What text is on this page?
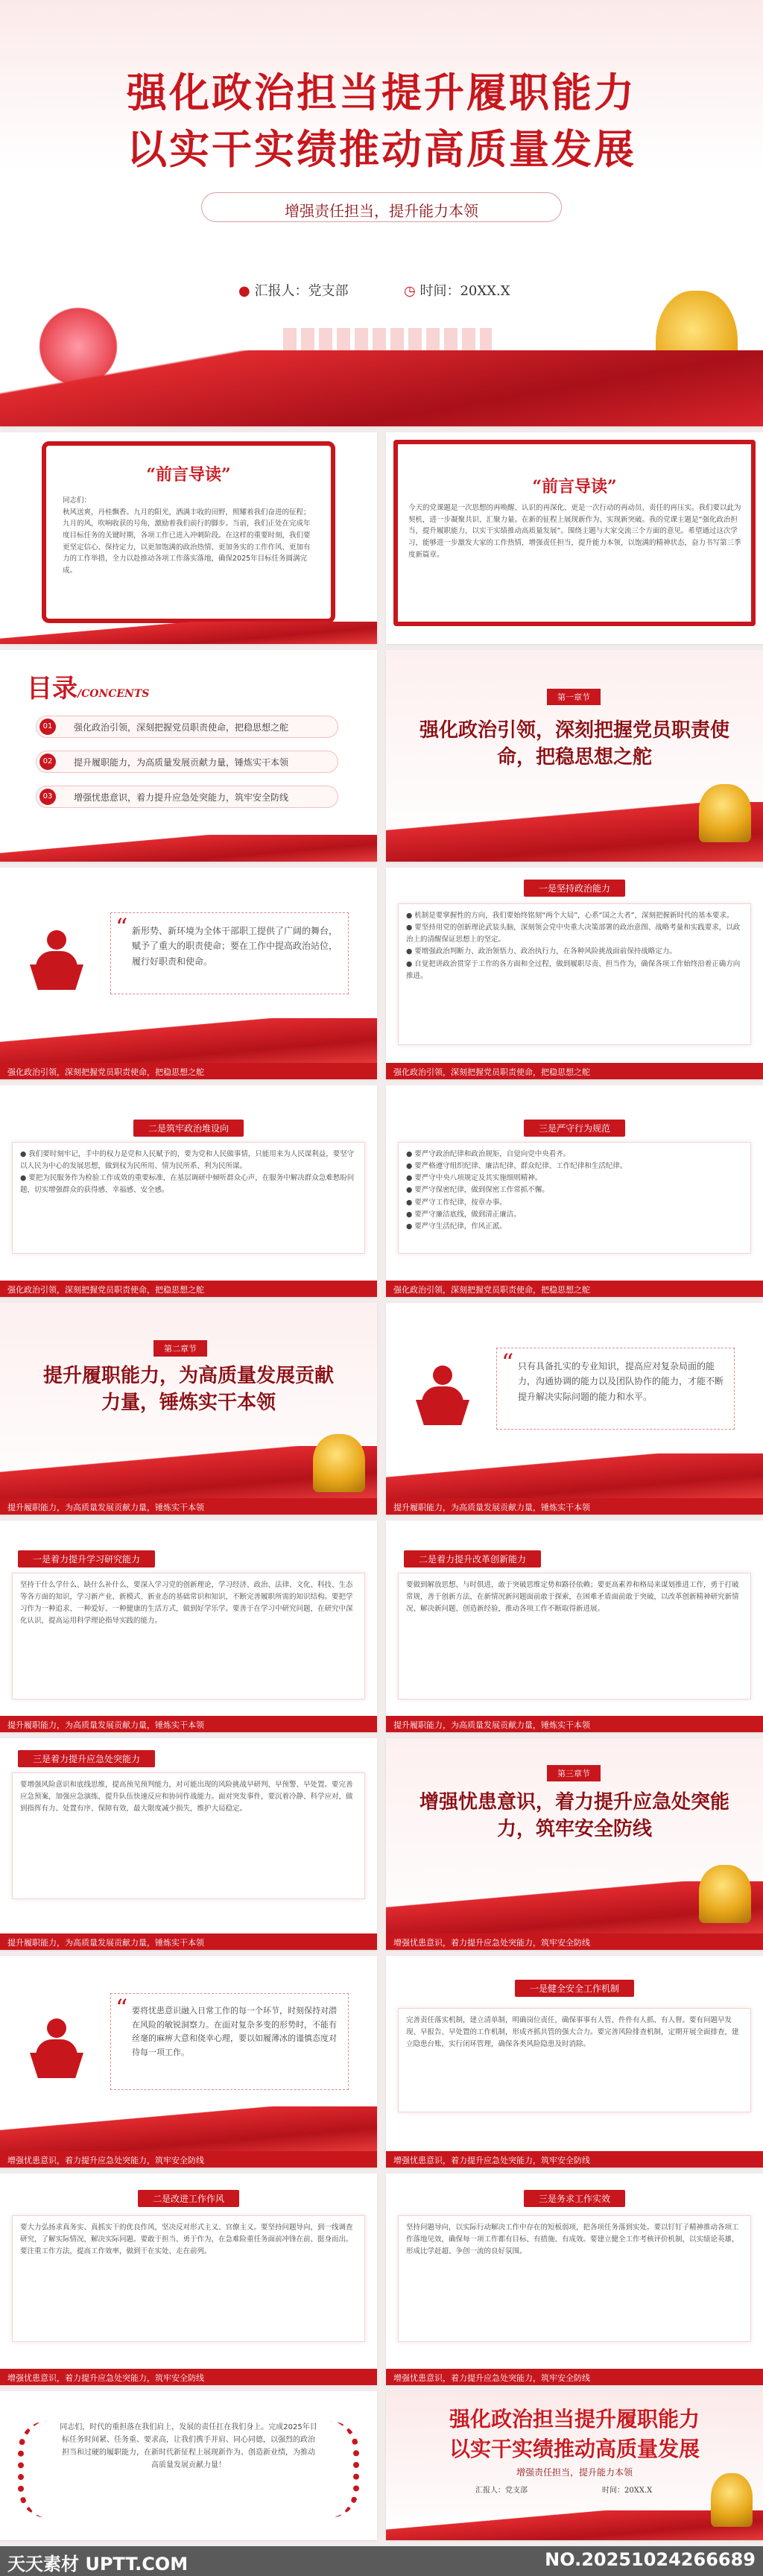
强化政治担当提升履职能力
以实干实绩推动高质量发展
增强责任担当，提升能力本领
● 汇报人：党支部	◷ 时间：20XX.X
“前言导读”
同志们：
秋风送爽，丹桂飘香。九月的阳光，洒满丰收的田野，照耀着我们奋进的征程；九月的风，吹响收获的号角，激励着我们前行的脚步。当前，我们正处在完成年度目标任务的关键时期，各项工作已进入冲刺阶段。在这样的重要时刻，我们要更坚定信心、保持定力，以更加饱满的政治热情、更加务实的工作作风、更加有力的工作举措，全力以赴推动各项工作落实落地，确保2025年目标任务圆满完成。
“前言导读”
今天的党课题是一次思想的再唤醒、认识的再深化、更是一次行动的再动员、责任的再压实。我们要以此为契机，进一步凝聚共识、汇聚力量。在新的征程上展现新作为、实现新突破。我的党课主题是“强化政治担当，提升履职能力，以实干实绩推动高质量发展”。围绕主题与大家交流三个方面的意见。希望通过这次学习，能够进一步激发大家的工作热情，增强责任担当，提升能力本领，以饱满的精神状态，奋力书写第三季度新篇章。
目录/CONCENTS
01	强化政治引领，深刻把握党员职责使命，把稳思想之舵
02	提升履职能力，为高质量发展贡献力量，锤炼实干本领
03	增强忧患意识，着力提升应急处突能力，筑牢安全防线
第一章节
强化政治引领，深刻把握党员职责使命，把稳思想之舵
“ 新形势、新环境为全体干部职工提供了广阔的舞台，赋予了重大的职责使命；要在工作中提高政治站位，履行好职责和使命。
强化政治引领，深刻把握党员职责使命，把稳思想之舵
一是坚持政治能力
● 机制是要掌握性的方向，我们要始终铭刻“两个大局”，心系“国之大者”，深刻把握新时代的基本要求。
● 要坚持用党的创新理论武装头脑，深刻领会党中央重大决策部署的政治意图、战略考量和实践要求，以政治上的清醒保证思想上的坚定。
● 要增强政治判断力、政治领悟力、政治执行力，在各种风险挑战面前保持战略定力。
● 自觉把讲政治贯穿于工作的各方面和全过程，做到履职尽责、担当作为，确保各项工作始终沿着正确方向推进。
强化政治引领，深刻把握党员职责使命，把稳思想之舵
二是筑牢政治堆设向
● 我们要时刻牢记，手中的权力是党和人民赋予的，要为党和人民做事情，只能用来为人民谋利益，要坚守以人民为中心的发展思想，做到权为民所用、情为民所系、利为民所谋。
● 要把为民服务作为检验工作成效的重要标准，在基层调研中倾听群众心声，在服务中解决群众急难愁盼问题，切实增强群众的获得感、幸福感、安全感。
强化政治引领，深刻把握党员职责使命，把稳思想之舵
三是严守行为规范
● 要严守政治纪律和政治规矩，自觉向党中央看齐。
● 要严格遵守组织纪律、廉洁纪律、群众纪律、工作纪律和生活纪律。
● 要严守中央八项规定及其实施细则精神。
● 要严守保密纪律，做到保密工作常抓不懈。
● 要严守工作纪律，按章办事。
● 要严守廉洁底线，做到清正廉洁。
● 要严守生活纪律，作风正派。
强化政治引领，深刻把握党员职责使命，把稳思想之舵
第二章节
提升履职能力，为高质量发展贡献力量，锤炼实干本领
提升履职能力，为高质量发展贡献力量，锤炼实干本领
“ 只有具备扎实的专业知识，提高应对复杂局面的能力，沟通协调的能力以及团队协作的能力，才能不断提升解决实际问题的能力和水平。
提升履职能力，为高质量发展贡献力量，锤炼实干本领
一是着力提升学习研究能力
坚持干什么学什么、缺什么补什么，要深入学习党的创新理论，学习经济、政治、法律、文化、科技、生态等各方面的知识，学习新产业、新模式、新业态的基础常识和知识，不断完善履职所需的知识结构。要把学习作为一种追求、一种爱好、一种健康的生活方式，做到好学乐学。要善于在学习中研究问题，在研究中深化认识，提高运用科学理论指导实践的能力。
提升履职能力，为高质量发展贡献力量，锤炼实干本领
二是着力提升改革创新能力
要做到解放思想、与时俱进，敢于突破思维定势和路径依赖；要更高素养和格局来谋划推进工作，勇于打破常规，善于创新方法，在新情况新问题面前敢于探索，在困难矛盾面前敢于突破，以改革创新精神研究新情况、解决新问题、创造新经验，推动各项工作不断取得新进展。
提升履职能力，为高质量发展贡献力量，锤炼实干本领
三是着力提升应急处突能力
要增强风险意识和底线思维，提高预见预判能力，对可能出现的风险挑战早研判、早预警、早处置。要完善应急预案，加强应急演练，提升队伍快速反应和协同作战能力。面对突发事件，要沉着冷静、科学应对，做到指挥有力、处置有序、保障有效，最大限度减少损失，维护大局稳定。
提升履职能力，为高质量发展贡献力量，锤炼实干本领
第三章节
增强忧患意识，着力提升应急处突能力，筑牢安全防线
增强忧患意识，着力提升应急处突能力，筑牢安全防线
“ 要将忧患意识融入日常工作的每一个环节，时刻保持对潜在风险的敏锐洞察力。在面对复杂多变的形势时，不能有丝毫的麻痹大意和侥幸心理，要以如履薄冰的谨慎态度对待每一项工作。
增强忧患意识，着力提升应急处突能力，筑牢安全防线
一是健全安全工作机制
完善责任落实机制，建立清单制，明确岗位责任，确保事事有人管、件件有人抓、有人督。要有问题早发现、早报告、早处置的工作机制，形成齐抓共管的强大合力。要完善风险排查机制，定期开展全面排查，建立隐患台账，实行闭环管理，确保各类风险隐患及时消除。
增强忧患意识，着力提升应急处突能力，筑牢安全防线
二是改进工作作风
要大力弘扬求真务实、真抓实干的优良作风，坚决反对形式主义、官僚主义。要坚持问题导向，到一线调查研究，了解实际情况，解决实际问题。要敢于担当、勇于作为，在急难险重任务面前冲锋在前、挺身而出。要注重工作方法，提高工作效率，做到干在实处、走在前列。
增强忧患意识，着力提升应急处突能力，筑牢安全防线
三是务求工作实效
坚持问题导向，以实际行动解决工作中存在的短板弱项，把各项任务落到实处。要以钉钉子精神推动各项工作落地见效，确保每一项工作都有目标、有措施、有成效。要建立健全工作考核评价机制，以实绩论英雄，形成比学赶超、争创一流的良好氛围。
增强忧患意识，着力提升应急处突能力，筑牢安全防线
同志们，时代的重担落在我们肩上，发展的责任扛在我们身上。完成2025年目标任务时间紧、任务重、要求高，让我们携手并肩、同心同德，以强烈的政治担当和过硬的履职能力，在新时代新征程上展现新作为、创造新业绩，为推动高质量发展贡献力量！
强化政治担当提升履职能力
以实干实绩推动高质量发展
增强责任担当，提升能力本领
汇报人：党支部	时间：20XX.X
天天素材 UPTT.COM	NO.20251024266689
